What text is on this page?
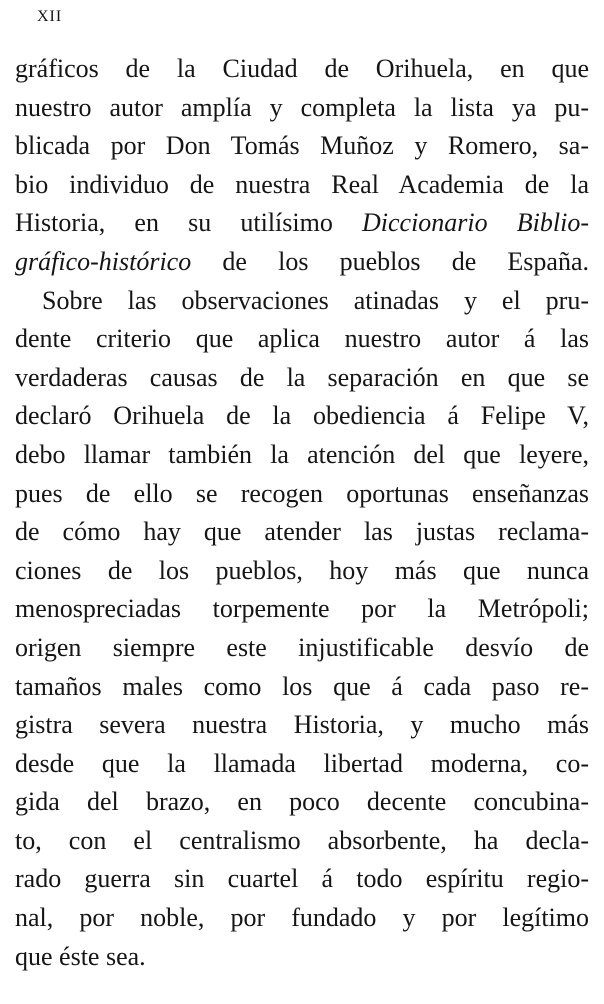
XII
gráficos de la Ciudad de Orihuela, en que
nuestro autor amplía y completa la lista ya pu-
blicada por Don Tomás Muñoz y Romero, sa-
bio individuo de nuestra Real Academia de la
Historia, en su utilísimo Diccionario Biblio-
gráfico-histórico de los pueblos de España.
Sobre las observaciones atinadas y el pru-
dente criterio que aplica nuestro autor á las
verdaderas causas de la separación en que se
declaró Orihuela de la obediencia á Felipe V,
debo llamar también la atención del que leyere,
pues de ello se recogen oportunas enseñanzas
de cómo hay que atender las justas reclama-
ciones de los pueblos, hoy más que nunca
menospreciadas torpemente por la Metrópoli;
origen siempre este injustificable desvío de
tamaños males como los que á cada paso re-
gistra severa nuestra Historia, y mucho más
desde que la llamada libertad moderna, co-
gida del brazo, en poco decente concubina-
to, con el centralismo absorbente, ha decla-
rado guerra sin cuartel á todo espíritu regio-
nal, por noble, por fundado y por legítimo
que éste sea.
